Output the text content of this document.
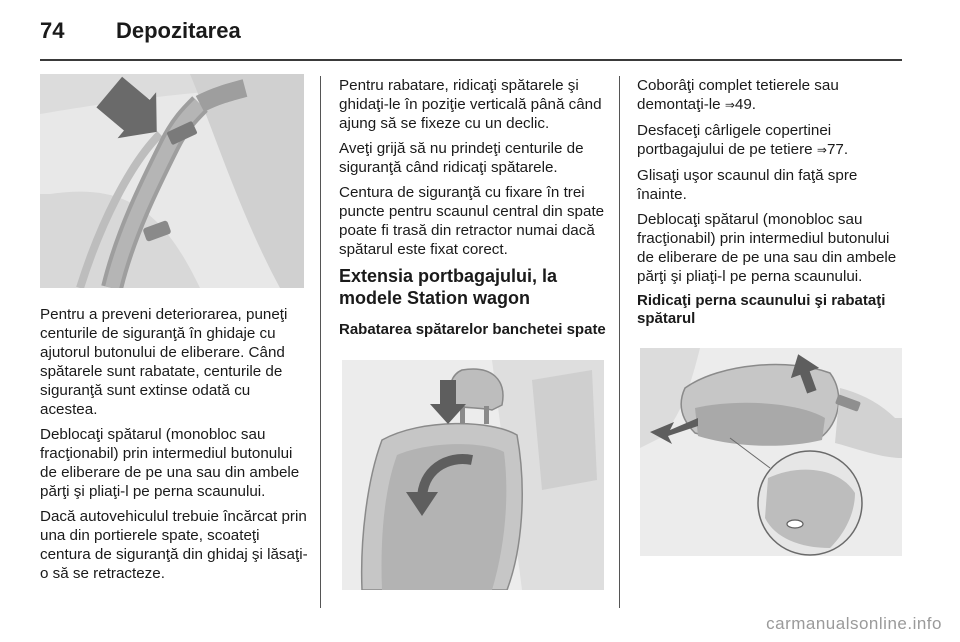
74 Depozitarea

Pentru a preveni deteriorarea, puneţi centurile de siguranţă în ghidaje cu ajutorul butonului de eliberare. Când spătarele sunt rabatate, centurile de siguranţă sunt extinse odată cu acestea.

Deblocaţi spătarul (monobloc sau fracţionabil) prin intermediul butonului de eliberare de pe una sau din ambele părţi şi pliaţi-l pe perna scaunului.

Dacă autovehiculul trebuie încărcat prin una din portierele spate, scoateţi centura de siguranţă din ghidaj şi lăsaţi-o să se retracteze.

Pentru rabatare, ridicaţi spătarele şi ghidaţi-le în poziţie verticală până când ajung să se fixeze cu un declic.

Aveţi grijă să nu prindeţi centurile de siguranţă când ridicaţi spătarele.

Centura de siguranţă cu fixare în trei puncte pentru scaunul central din spate poate fi trasă din retractor numai dacă spătarul este fixat corect.

Extensia portbagajului, la modele Station wagon
Rabatarea spătarelor banchetei spate

Coborâţi complet tetierele sau demontaţi-le ⇒ 49.

Desfaceţi cârligele copertinei portbagajului de pe tetiere ⇒ 77.

Glisaţi uşor scaunul din faţă spre înainte.

Deblocaţi spătarul (monobloc sau fracţionabil) prin intermediul butonului de eliberare de pe una sau din ambele părţi şi pliaţi-l pe perna scaunului.

Ridicaţi perna scaunului şi rabataţi spătarul
carmanualsonline.info
